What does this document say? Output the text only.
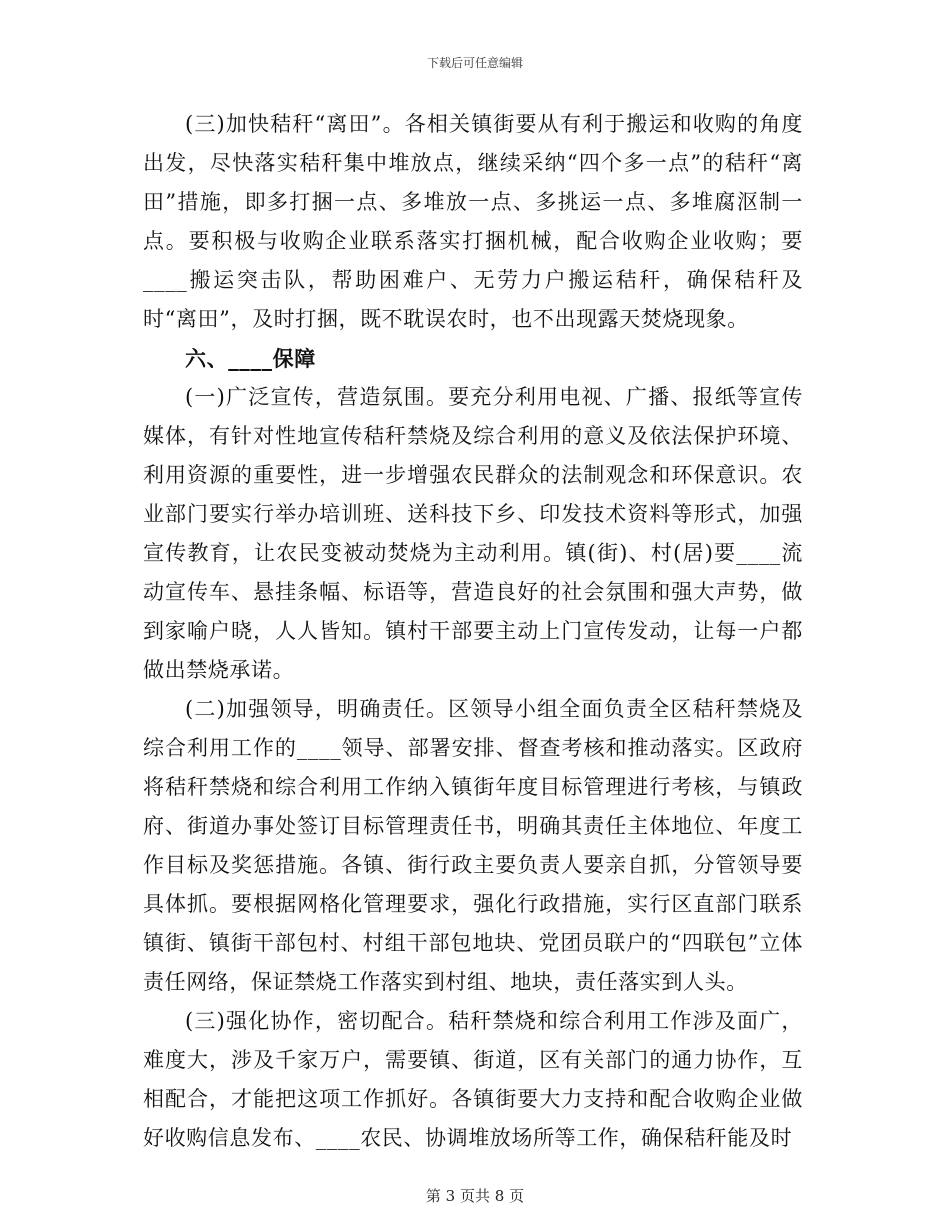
下载后可任意编辑

(三)加快秸秆“离田”。各相关镇街要从有利于搬运和收购的角度出发，尽快落实秸秆集中堆放点，继续采纳“四个多一点”的秸秆“离田”措施，即多打捆一点、多堆放一点、多挑运一点、多堆腐沤制一点。要积极与收购企业联系落实打捆机械，配合收购企业收购；要____搬运突击队，帮助困难户、无劳力户搬运秸秆，确保秸秆及时“离田”，及时打捆，既不耽误农时，也不出现露天焚烧现象。

六、____保障

(一)广泛宣传，营造氛围。要充分利用电视、广播、报纸等宣传媒体，有针对性地宣传秸秆禁烧及综合利用的意义及依法保护环境、利用资源的重要性，进一步增强农民群众的法制观念和环保意识。农业部门要实行举办培训班、送科技下乡、印发技术资料等形式，加强宣传教育，让农民变被动焚烧为主动利用。镇(街)、村(居)要____流动宣传车、悬挂条幅、标语等，营造良好的社会氛围和强大声势，做到家喻户晓，人人皆知。镇村干部要主动上门宣传发动，让每一户都做出禁烧承诺。

(二)加强领导，明确责任。区领导小组全面负责全区秸秆禁烧及综合利用工作的____领导、部署安排、督查考核和推动落实。区政府将秸秆禁烧和综合利用工作纳入镇街年度目标管理进行考核，与镇政府、街道办事处签订目标管理责任书，明确其责任主体地位、年度工作目标及奖惩措施。各镇、街行政主要负责人要亲自抓，分管领导要具体抓。要根据网格化管理要求，强化行政措施，实行区直部门联系镇街、镇街干部包村、村组干部包地块、党团员联户的“四联包”立体责任网络，保证禁烧工作落实到村组、地块，责任落实到人头。

(三)强化协作，密切配合。秸秆禁烧和综合利用工作涉及面广，难度大，涉及千家万户，需要镇、街道，区有关部门的通力协作，互相配合，才能把这项工作抓好。各镇街要大力支持和配合收购企业做好收购信息发布、____农民、协调堆放场所等工作，确保秸秆能及时

第 3 页共 8 页
